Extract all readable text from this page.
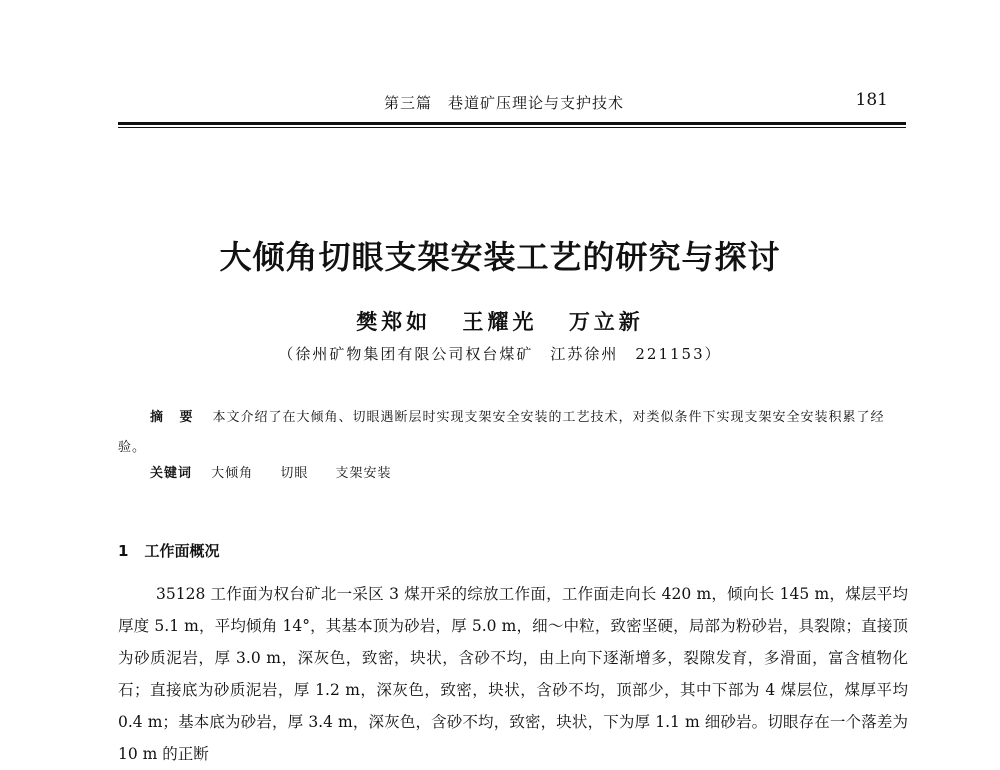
第三篇　巷道矿压理论与支护技术	181
大倾角切眼支架安装工艺的研究与探讨
樊郑如 王耀光 万立新
（徐州矿物集团有限公司权台煤矿　江苏徐州　221153）
摘 要 本文介绍了在大倾角、切眼遇断层时实现支架安全安装的工艺技术，对类似条件下实现支架安全安装积累了经验。
关键词 大倾角 切眼 支架安装
1 工作面概况
35128 工作面为权台矿北一采区 3 煤开采的综放工作面，工作面走向长 420 m，倾向长 145 m，煤层平均厚度 5.1 m，平均倾角 14°，其基本顶为砂岩，厚 5.0 m，细～中粒，致密坚硬，局部为粉砂岩，具裂隙；直接顶为砂质泥岩，厚 3.0 m，深灰色，致密，块状，含砂不均，由上向下逐渐增多，裂隙发育，多滑面，富含植物化石；直接底为砂质泥岩，厚 1.2 m，深灰色，致密，块状，含砂不均，顶部少，其中下部为 4 煤层位，煤厚平均 0.4 m；基本底为砂岩，厚 3.4 m，深灰色，含砂不均，致密，块状，下为厚 1.1 m 细砂岩。切眼存在一个落差为 10 m 的正断
